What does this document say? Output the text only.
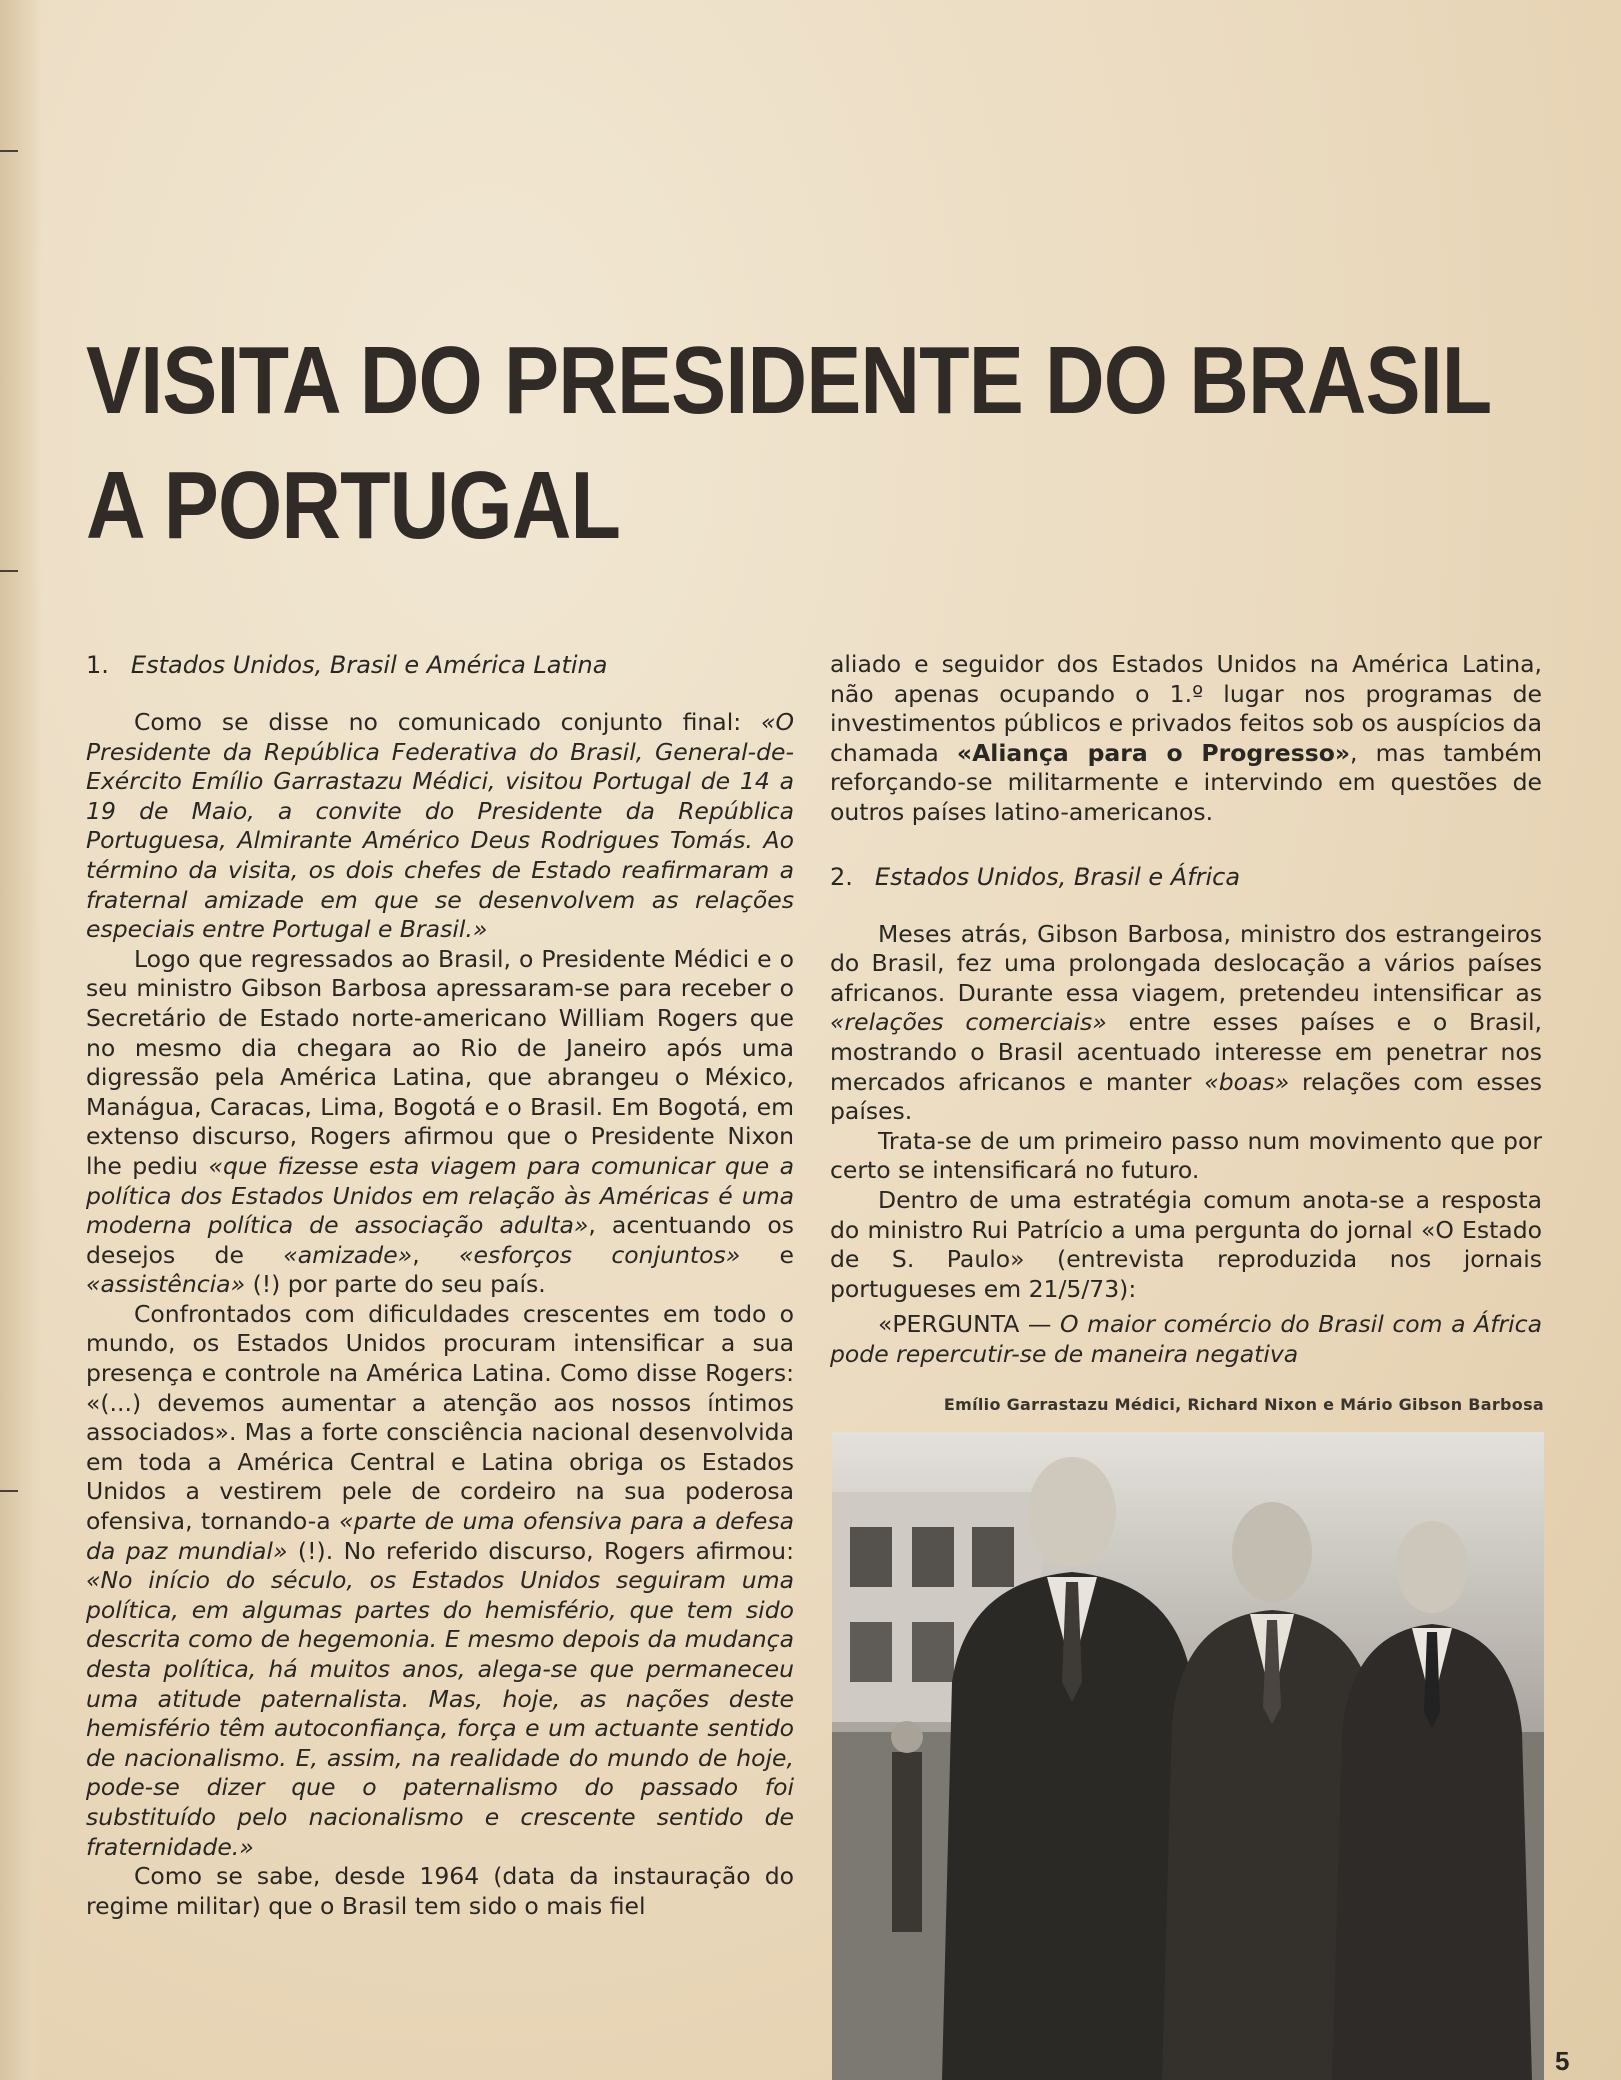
VISITA DO PRESIDENTE DO BRASIL
A PORTUGAL
1. Estados Unidos, Brasil e América Latina

Como se disse no comunicado conjunto final: «O Presidente da República Federativa do Brasil, General-de-Exército Emílio Garrastazu Médici, visitou Portugal de 14 a 19 de Maio, a convite do Presidente da República Portuguesa, Almirante Américo Deus Rodrigues Tomás. Ao término da visita, os dois chefes de Estado reafirmaram a fraternal amizade em que se desenvolvem as relações especiais entre Portugal e Brasil.»

Logo que regressados ao Brasil, o Presidente Médici e o seu ministro Gibson Barbosa apressaram-se para receber o Secretário de Estado norte-americano William Rogers que no mesmo dia chegara ao Rio de Janeiro após uma digressão pela América Latina, que abrangeu o México, Manágua, Caracas, Lima, Bogotá e o Brasil. Em Bogotá, em extenso discurso, Rogers afirmou que o Presidente Nixon lhe pediu «que fizesse esta viagem para comunicar que a política dos Estados Unidos em relação às Américas é uma moderna política de associação adulta», acentuando os desejos de «amizade», «esforços conjuntos» e «assistência» (!) por parte do seu país.

Confrontados com dificuldades crescentes em todo o mundo, os Estados Unidos procuram intensificar a sua presença e controle na América Latina. Como disse Rogers: «(...) devemos aumentar a atenção aos nossos íntimos associados». Mas a forte consciência nacional desenvolvida em toda a América Central e Latina obriga os Estados Unidos a vestirem pele de cordeiro na sua poderosa ofensiva, tornando-a «parte de uma ofensiva para a defesa da paz mundial» (!). No referido discurso, Rogers afirmou: «No início do século, os Estados Unidos seguiram uma política, em algumas partes do hemisfério, que tem sido descrita como de hegemonia. E mesmo depois da mudança desta política, há muitos anos, alega-se que permaneceu uma atitude paternalista. Mas, hoje, as nações deste hemisfério têm autoconfiança, força e um actuante sentido de nacionalismo. E, assim, na realidade do mundo de hoje, pode-se dizer que o paternalismo do passado foi substituído pelo nacionalismo e crescente sentido de fraternidade.»

Como se sabe, desde 1964 (data da instauração do regime militar) que o Brasil tem sido o mais fiel

aliado e seguidor dos Estados Unidos na América Latina, não apenas ocupando o 1.º lugar nos programas de investimentos públicos e privados feitos sob os auspícios da chamada «Aliança para o Progresso», mas também reforçando-se militarmente e intervindo em questões de outros países latino-americanos.

2. Estados Unidos, Brasil e África

Meses atrás, Gibson Barbosa, ministro dos estrangeiros do Brasil, fez uma prolongada deslocação a vários países africanos. Durante essa viagem, pretendeu intensificar as «relações comerciais» entre esses países e o Brasil, mostrando o Brasil acentuado interesse em penetrar nos mercados africanos e manter «boas» relações com esses países.

Trata-se de um primeiro passo num movimento que por certo se intensificará no futuro.

Dentro de uma estratégia comum anota-se a resposta do ministro Rui Patrício a uma pergunta do jornal «O Estado de S. Paulo» (entrevista reproduzida nos jornais portugueses em 21/5/73):

«PERGUNTA — O maior comércio do Brasil com a África pode repercutir-se de maneira negativa

Emílio Garrastazu Médici, Richard Nixon e Mário Gibson Barbosa

5
